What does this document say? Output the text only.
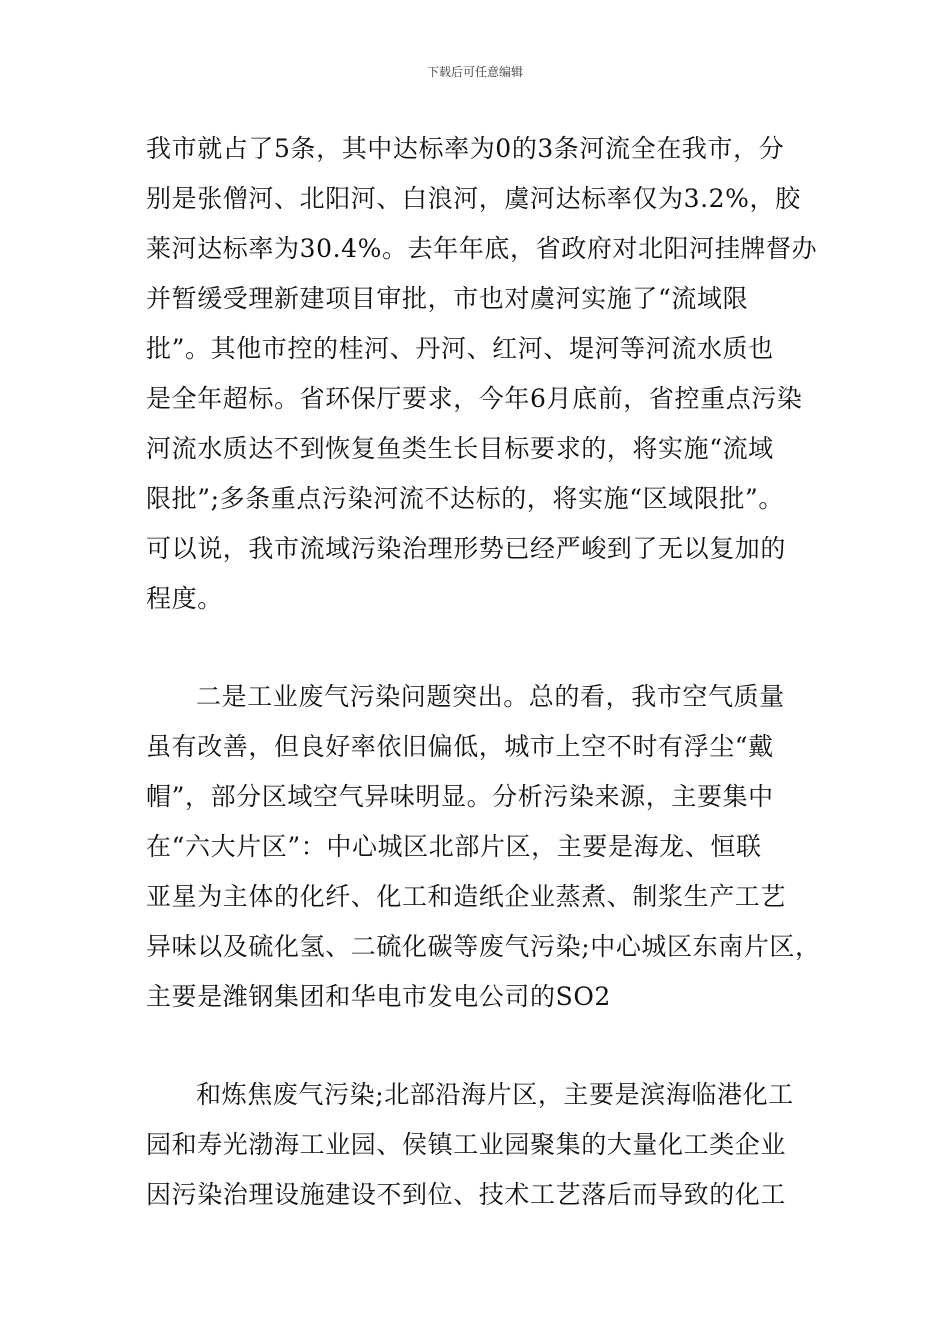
下载后可任意编辑
我市就占了5条，其中达标率为0的3条河流全在我市，分
别是张僧河、北阳河、白浪河，虞河达标率仅为3.2%，胶
莱河达标率为30.4%。去年年底，省政府对北阳河挂牌督办
并暂缓受理新建项目审批，市也对虞河实施了“流域限
批”。其他市控的桂河、丹河、红河、堤河等河流水质也
是全年超标。省环保厅要求，今年6月底前，省控重点污染
河流水质达不到恢复鱼类生长目标要求的，将实施“流域
限批”;多条重点污染河流不达标的，将实施“区域限批”。
可以说，我市流域污染治理形势已经严峻到了无以复加的
程度。
二是工业废气污染问题突出。总的看，我市空气质量
虽有改善，但良好率依旧偏低，城市上空不时有浮尘“戴
帽”，部分区域空气异味明显。分析污染来源，主要集中
在“六大片区”：中心城区北部片区，主要是海龙、恒联
亚星为主体的化纤、化工和造纸企业蒸煮、制浆生产工艺
异味以及硫化氢、二硫化碳等废气污染;中心城区东南片区，
主要是潍钢集团和华电市发电公司的SO2
和炼焦废气污染;北部沿海片区，主要是滨海临港化工
园和寿光渤海工业园、侯镇工业园聚集的大量化工类企业
因污染治理设施建设不到位、技术工艺落后而导致的化工
